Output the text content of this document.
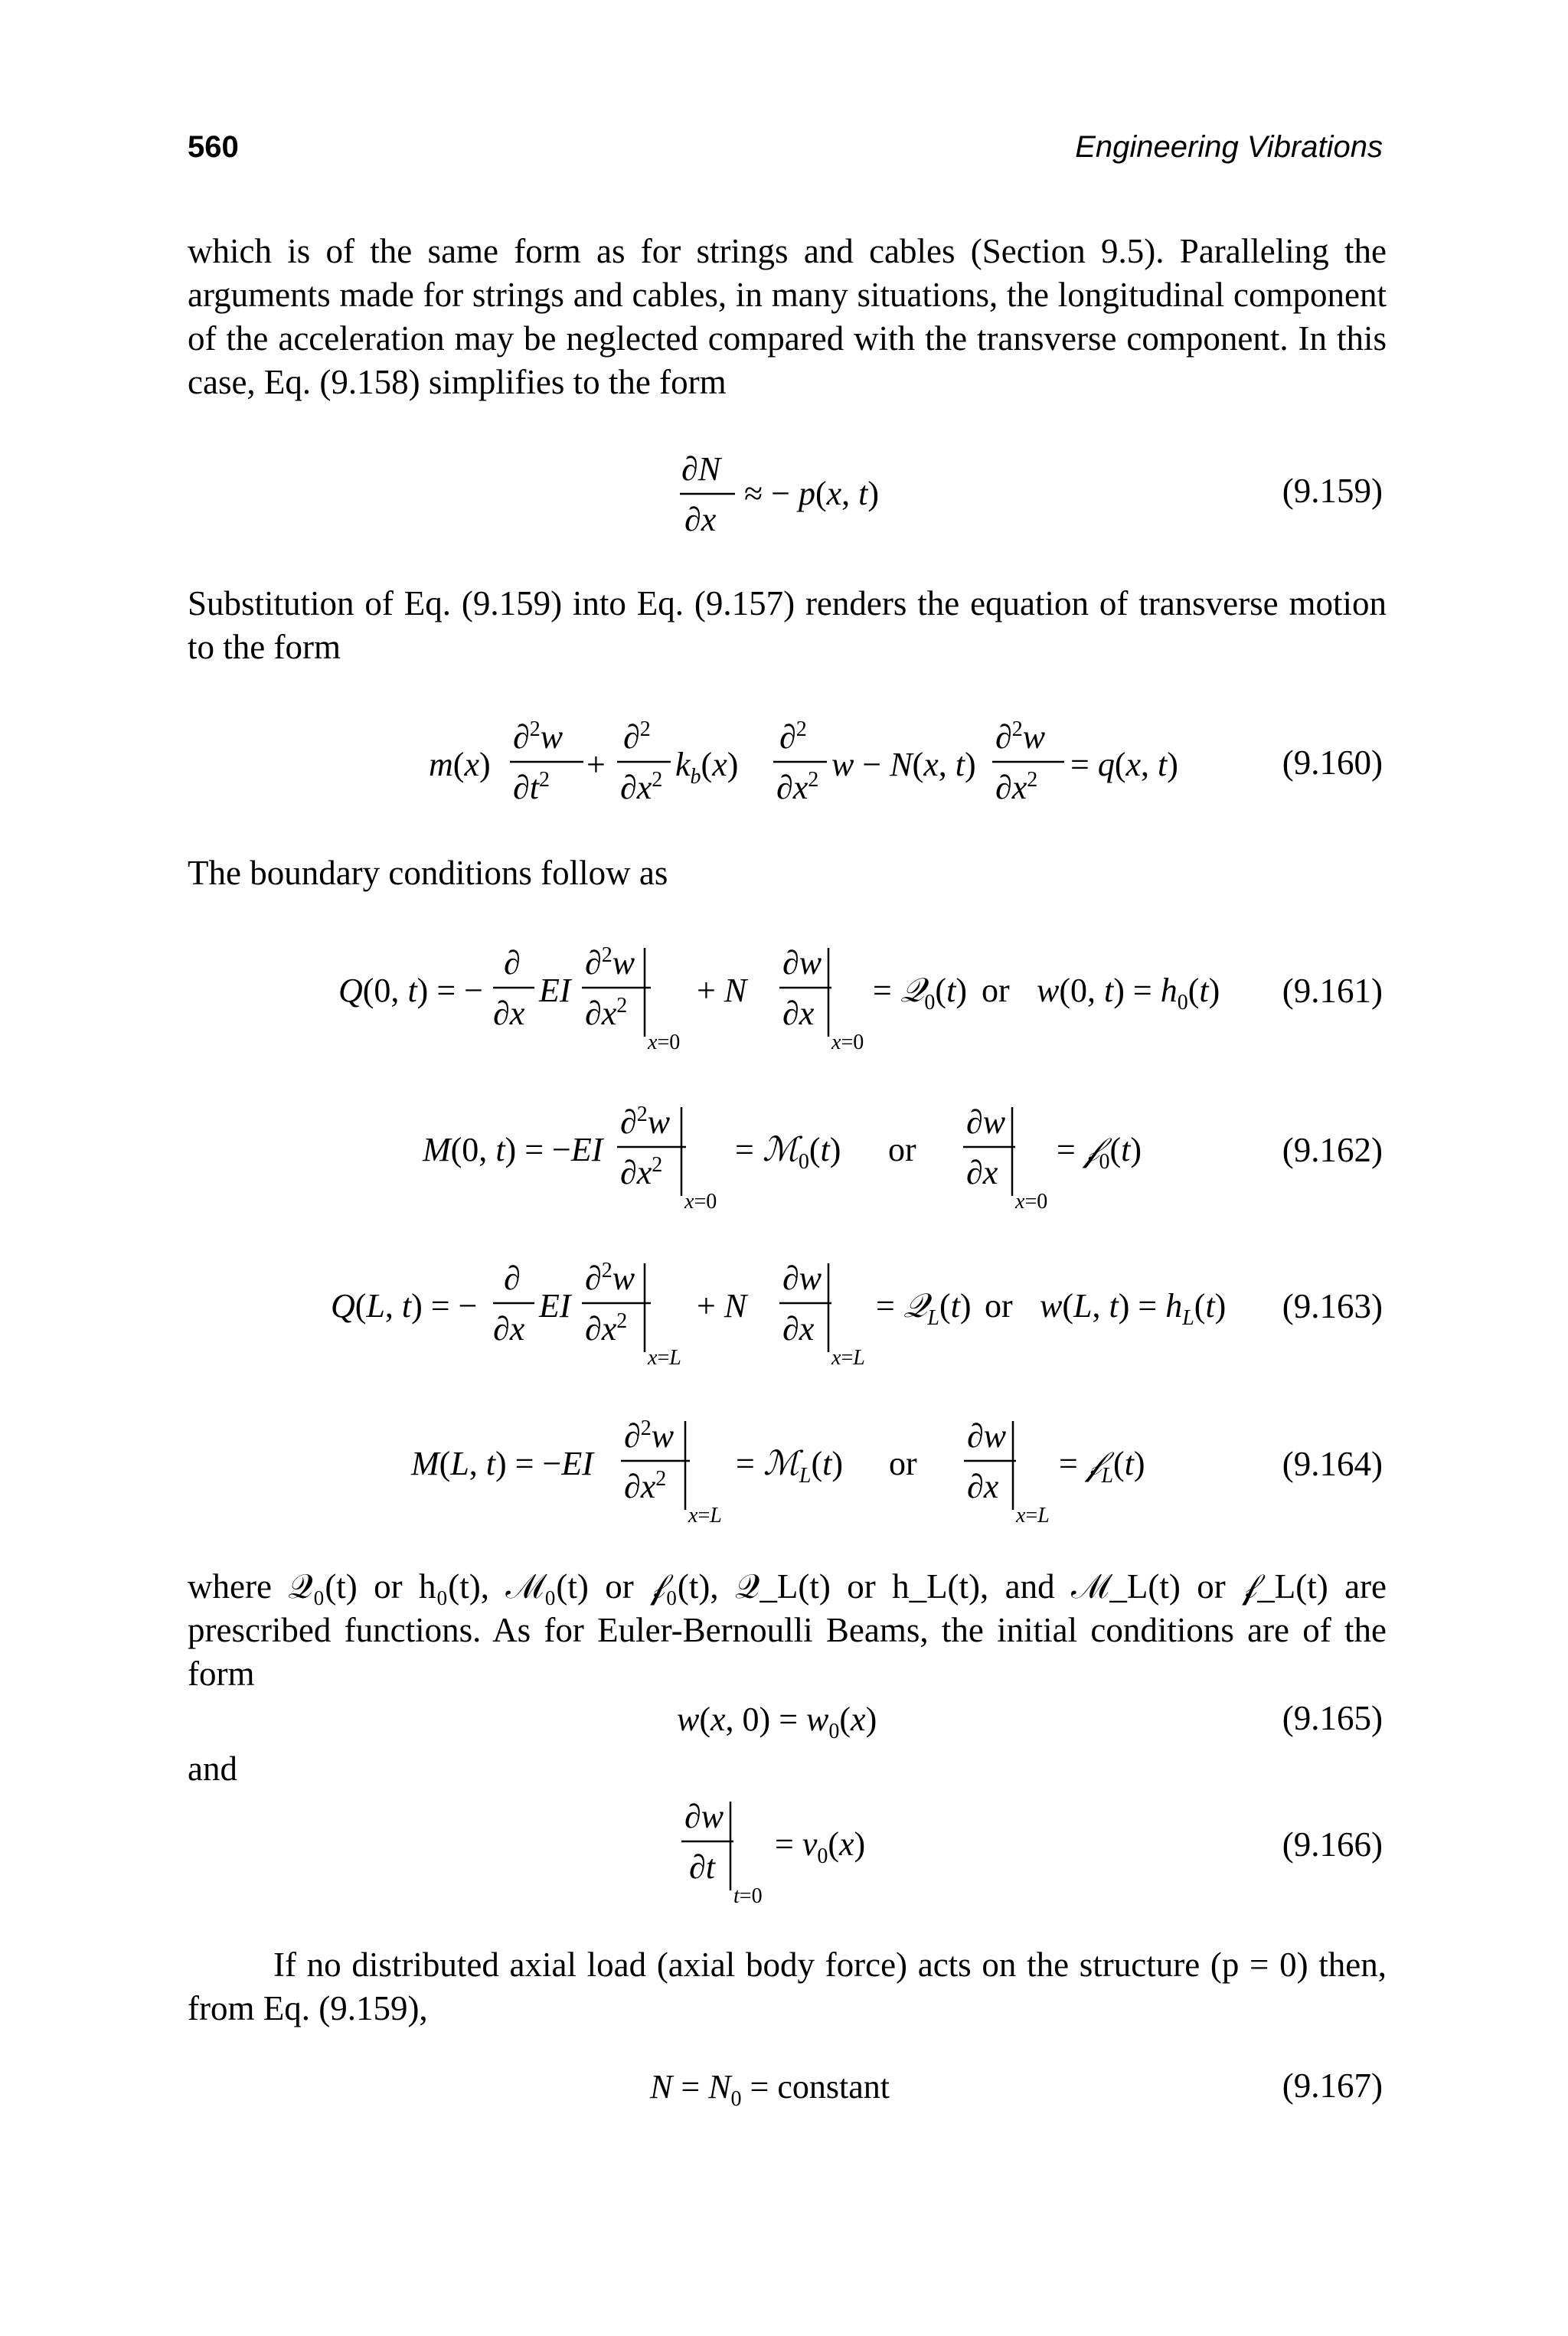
560	Engineering Vibrations

which is of the same form as for strings and cables (Section 9.5). Paralleling the arguments made for strings and cables, in many situations, the longitudinal component of the acceleration may be neglected compared with the transverse component. In this case, Eq. (9.158) simplifies to the form

∂N
∂x
≈ − p(x, t)	(9.159)

Substitution of Eq. (9.159) into Eq. (9.157) renders the equation of transverse motion to the form

m(x)
∂$^2$w
$\partial t^2$ +
∂$^2$
$\partial x^2$ $k_b(x)$
∂$^2$
$\partial x^2$ w − N(x, t)
∂$^2$w
$\partial x^2 = q(x$, t)	(9.160)

The boundary conditions follow as

Q(0, t) = −
∂
∂x
EI
∂$^2$w
$\partial x^2$
x=0
+ N
∂w
∂x
x=0
= 𝒬$_0$(t) or w(0, $t) = h_0(t)$ (9.161)
M(0, t) = −EI
∂$^2$w
$\partial x^2$
x=0
= ℳ$_0$(t) or
∂w
∂x
x=0
= 𝒻$_0$(t)	(9.162)
Q(L, t) = −
∂
∂x
EI
∂$^2$w
$\partial x^2$
x=L
+ N
∂w
∂x
x=L
= 𝒬$_L$(t) or w(L, $t) = h_L(t)$ (9.163)
M(L, t) = −EI
∂$^2$w
$\partial x^2$
x=L
= ℳ$_L$(t) or
∂w
∂x
x=L
= 𝒻$_L$(t)	(9.164)

where 𝒬₀(t) or h₀(t), ℳ₀(t) or 𝒻₀(t), 𝒬_L(t) or h_L(t), and ℳ_L(t) or 𝒻_L(t) are prescribed functions. As for Euler-Bernoulli Beams, the initial conditions are of the form

w(x, $0) = w_0(x)$	(9.165)

and

∂w
∂t
t=0
= $v_0(x)$	(9.166)

If no distributed axial load (axial body force) acts on the structure (p = 0) then, from Eq. (9.159),

$N = N_0$ = constant	(9.167)
